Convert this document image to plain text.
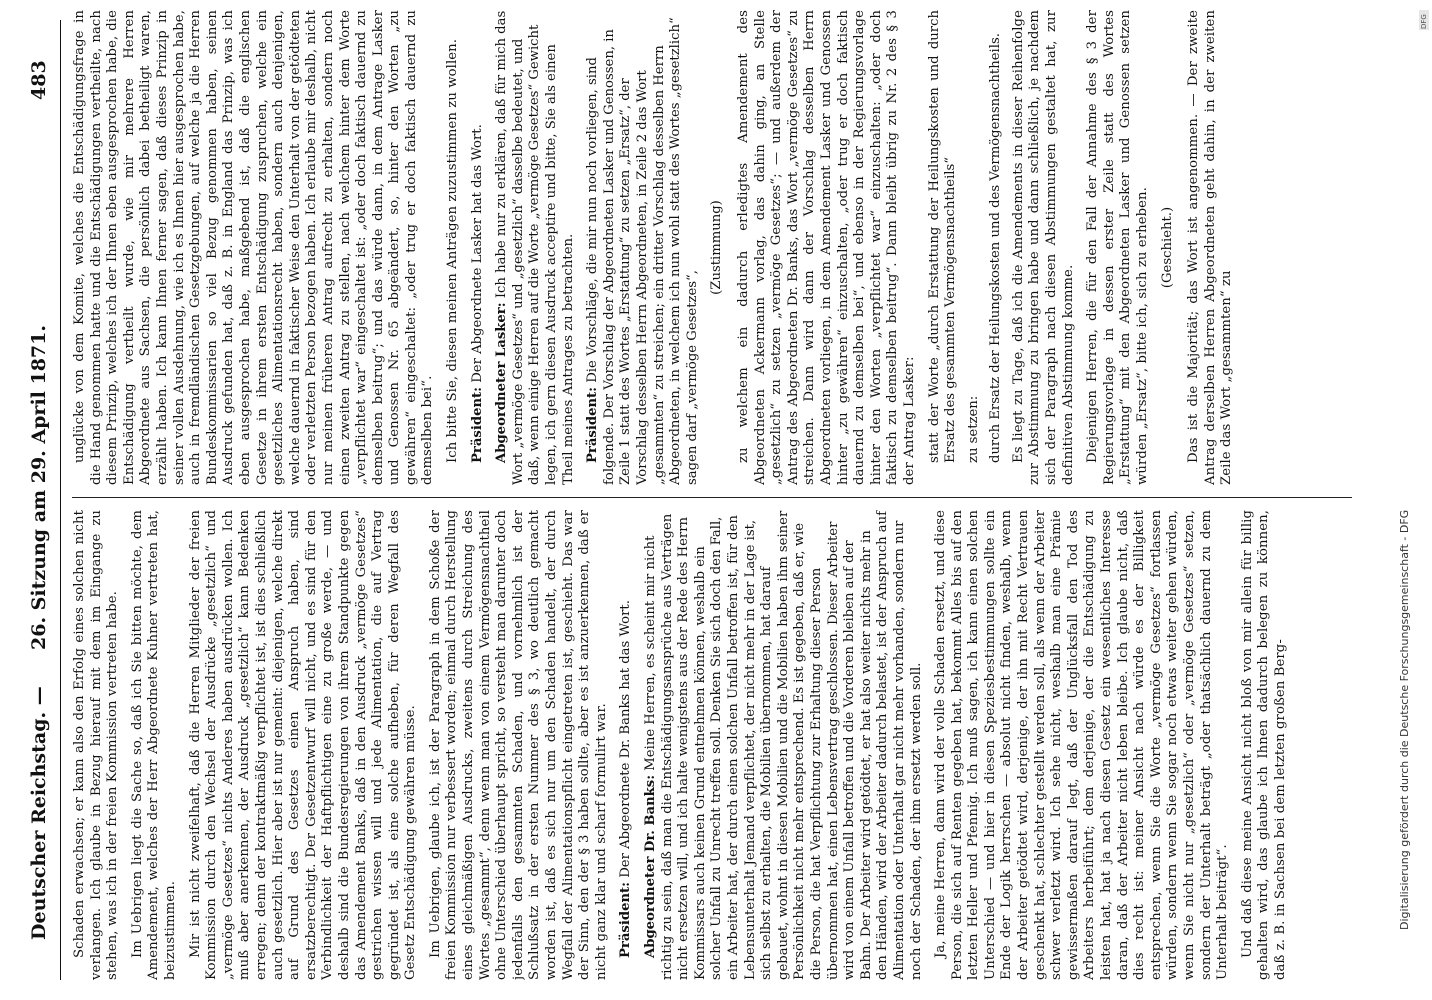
Deutscher Reichstag. —
26. Sitzung am 29. April 1871.
483

Schaden erwachsen; er kann also den Erfolg eines solchen nicht verlangen. Ich glaube in Bezug hierauf mit dem im Eingange zu stehen, was ich in der freien Kommission vertreten habe. Im Uebrigen liegt die Sache so, daß ich Sie bitten möchte, dem Amendement, welches der Herr Abgeordnete Kuhner vertreten hat, beizustimmen. Mir ist nicht zweifelhaft, daß die Herren Mitglieder der freien Kommission durch den Wechsel der Ausdrücke „gesetzlich“ und „vermöge Gesetzes“ nichts Anderes haben ausdrücken wollen. Ich muß aber anerkennen, der Ausdruck „gesetzlich“ kann Bedenken erregen; denn der kontraktmäßig verpflichtet ist, ist dies schließlich auch gesetzlich. Hier aber ist nur gemeint: diejenigen, welche direkt auf Grund des Gesetzes einen Anspruch haben, sind ersatzberechtigt. Der Gesetzentwurf will nicht, und es sind für den Verbindlichkeit der Haftpflichtigen eine zu große werde, — und deshalb sind die Bundesregierungen von ihrem Standpunkte gegen das Amendement Banks, daß in den Ausdruck „vermöge Gesetzes“ gestrichen wissen will und jede Alimentation, die auf Vertrag gegründet ist, als eine solche aufheben, für deren Wegfall des Gesetz Entschädigung gewähren müsse. Im Uebrigen, glaube ich, ist der Paragraph in dem Schoße der freien Kommission nur verbessert worden; einmal durch Herstellung eines gleichmäßigen Ausdrucks, zweitens durch Streichung des Wortes „gesammt“, denn wenn man von einem Vermögensnachtheil ohne Unterschied überhaupt spricht, so versteht man darunter doch jedenfalls den gesammten Schaden, und vornehmlich ist der Schlußsatz in der ersten Nummer des § 3, wo deutlich gemacht worden ist, daß es sich nur um den Schaden handelt, der durch Wegfall der Alimentationspflicht eingetreten ist, geschieht. Das war der Sinn, den der § 3 haben sollte, aber es ist anzuerkennen, daß er nicht ganz klar und scharf formulirt war. Präsident: Der Abgeordnete Dr. Banks hat das Wort. Abgeordneter Dr. Banks: Meine Herren, es scheint mir nicht richtig zu sein, daß man die Entschädigungsansprüche aus Verträgen nicht ersetzen will, und ich halte wenigstens aus der Rede des Herrn Kommissars auch keinen Grund entnehmen können, weshalb ein solcher Unfall zu Unrecht treffen soll. Denken Sie sich doch den Fall, ein Arbeiter hat, der durch einen solchen Unfall betroffen ist, für den Lebensunterhalt Jemand verpflichtet, der nicht mehr in der Lage ist, sich selbst zu erhalten, die Mobilien übernommen, hat darauf gebauet, wohnt in diesen Mobilien und die Mobilien haben ihm seiner Persönlichkeit nicht mehr entsprechend. Es ist gegeben, daß er, wie die Person, die hat Verpflichtung zur Erhaltung dieser Person übernommen hat, einen Lebensvertrag geschlossen. Dieser Arbeiter wird von einem Unfall betroffen und die Vorderen bleiben auf der Bahn. Der Arbeiter wird getödtet, er hat also weiter nichts mehr in den Händen, wird der Arbeiter dadurch belastet, ist der Anspruch auf Alimentation oder Unterhalt gar nicht mehr vorhanden, sondern nur noch der Schaden, der ihm ersetzt werden soll. Ja, meine Herren, dann wird der volle Schaden ersetzt, und diese Person, die sich auf Renten gegeben hat, bekommt Alles bis auf den letzten Heller und Pfennig. Ich muß sagen, ich kann einen solchen Unterschied — und hier in diesen Speziesbestimmungen sollte ein Ende der Logik herrschen — absolut nicht finden, weshalb, wenn der Arbeiter getödtet wird, derjenige, der ihn mit Recht Vertrauen geschenkt hat, schlechter gestellt werden soll, als wenn der Arbeiter schwer verletzt wird. Ich sehe nicht, weshalb man eine Prämie gewissermaßen darauf legt, daß der Unglücksfall den Tod des Arbeiters herbeiführt; dem derjenige, der die Entschädigung zu leisten hat, hat ja nach diesen Gesetz ein wesentliches Interesse daran, daß der Arbeiter nicht leben bleibe. Ich glaube nicht, daß dies recht ist: meiner Ansicht nach würde es der Billigkeit entsprechen, wenn Sie die Worte „vermöge Gesetzes“ fortlassen würden, sondern wenn Sie sogar noch etwas weiter gehen würden, wenn Sie nicht nur „gesetzlich“ oder „vermöge Gesetzes“ setzen, sondern der Unterhalt beträgt „oder thatsächlich dauernd zu dem Unterhalt beiträgt“. Und daß diese meine Ansicht nicht bloß von mir allein für billig gehalten wird, das glaube ich Ihnen dadurch belegen zu können, daß z. B. in Sachsen bei dem letzten großen Berg-

unglücke von dem Komite, welches die Entschädigungsfrage in die Hand genommen hatte und die Entschädigungen vertheilte, nach diesem Prinzip, welches ich der Ihnen eben ausgesprochen habe, die Entschädigung vertheilt wurde, wie mir mehrere Herren Abgeordnete aus Sachsen, die persönlich dabei betheiligt waren, erzählt haben. Ich kann Ihnen ferner sagen, daß dieses Prinzip in seiner vollen Ausdehnung, wie ich es Ihnen hier ausgesprochen habe, auch in fremdländischen Gesetzgebungen, auf welche ja die Herren Bundeskommissarien so viel Bezug genommen haben, seinen Ausdruck gefunden hat, daß z. B. in England das Prinzip, was ich eben ausgesprochen habe, maßgebend ist, daß die englischen Gesetze in ihrem ersten Entschädigung zuspruchen, welche ein gesetzliches Alimentationsrecht haben, sondern auch denjenigen, welche dauernd in faktischer Weise den Unterhalt von der getödteten oder verletzten Person bezogen haben. Ich erlaube mir deshalb, nicht nur meinen früheren Antrag aufrecht zu erhalten, sondern noch einen zweiten Antrag zu stellen, nach welchem hinter dem Worte „verpflichtet war“ eingeschaltet ist: „oder doch faktisch dauernd zu demselben beitrug“; und das würde dann, in dem Antrage Lasker und Genossen Nr. 65 abgeändert, so, hinter den Worten „zu gewähren“ eingeschaltet: „oder trug er doch faktisch dauernd zu demselben bei“. Ich bitte Sie, diesen meinen Anträgen zuzustimmen zu wollen. Präsident: Der Abgeordnete Lasker hat das Wort. Abgeordneter Lasker: Ich habe nur zu erklären, daß für mich das Wort „vermöge Gesetzes“ und „gesetzlich“ dasselbe bedeutet, und daß, wenn einige Herren auf die Worte „vermöge Gesetzes“ Gewicht legen, ich gern diesen Ausdruck acceptire und bitte, Sie als einen Theil meines Antrages zu betrachten. Präsident: Die Vorschläge, die mir nun noch vorliegen, sind folgende. Der Vorschlag der Abgeordneten Lasker und Genossen, in Zeile 1 statt des Wortes „Erstattung“ zu setzen „Ersatz“, der Vorschlag desselben Herrn Abgeordneten, in Zeile 2 das Wort „gesammten“ zu streichen; ein dritter Vorschlag desselben Herrn Abgeordneten, in welchem ich nun wohl statt des Wortes „gesetzlich“ sagen darf „vermöge Gesetzes“,

(Zustimmung) zu welchem ein dadurch erledigtes Amendement des Abgeordneten Ackermann vorlag, das dahin ging, an Stelle „gesetzlich“ zu setzen „vermöge Gesetzes“; — und außerdem der Antrag des Abgeordneten Dr. Banks, das Wort „vermöge Gesetzes“ zu streichen. Dann wird dann der Vorschlag desselben Herrn Abgeordneten vorliegen, in dem Amendement Lasker und Genossen hinter „zu gewähren“ einzuschalten, „oder trug er doch faktisch dauernd zu demselben bei“, und ebenso in der Regierungsvorlage hinter den Worten „verpflichtet war“ einzuschalten: „oder doch faktisch zu demselben beitrug“. Dann bleibt übrig zu Nr. 2 des § 3 der Antrag Lasker: statt der Worte „durch Erstattung der Heilungskosten und durch Ersatz des gesammten Vermögensnachtheils“ zu setzen: durch Ersatz der Heilungskosten und des Vermögensnachtheils. Es liegt zu Tage, daß ich die Amendements in dieser Reihenfolge zur Abstimmung zu bringen habe und dann schließlich, je nachdem sich der Paragraph nach diesen Abstimmungen gestaltet hat, zur definitiven Abstimmung komme. Diejenigen Herren, die für den Fall der Annahme des § 3 der Regierungsvorlage in dessen erster Zeile statt des Wortes „Erstattung“ mit den Abgeordneten Lasker und Genossen setzen würden „Ersatz“, bitte ich, sich zu erheben. (Geschieht.) Das ist die Majorität; das Wort ist angenommen. — Der zweite Antrag derselben Herren Abgeordneten geht dahin, in der zweiten Zeile das Wort „gesammten“ zu

Digitalisierung gefördert durch die Deutsche Forschungsgemeinschaft - DFG
DFG
